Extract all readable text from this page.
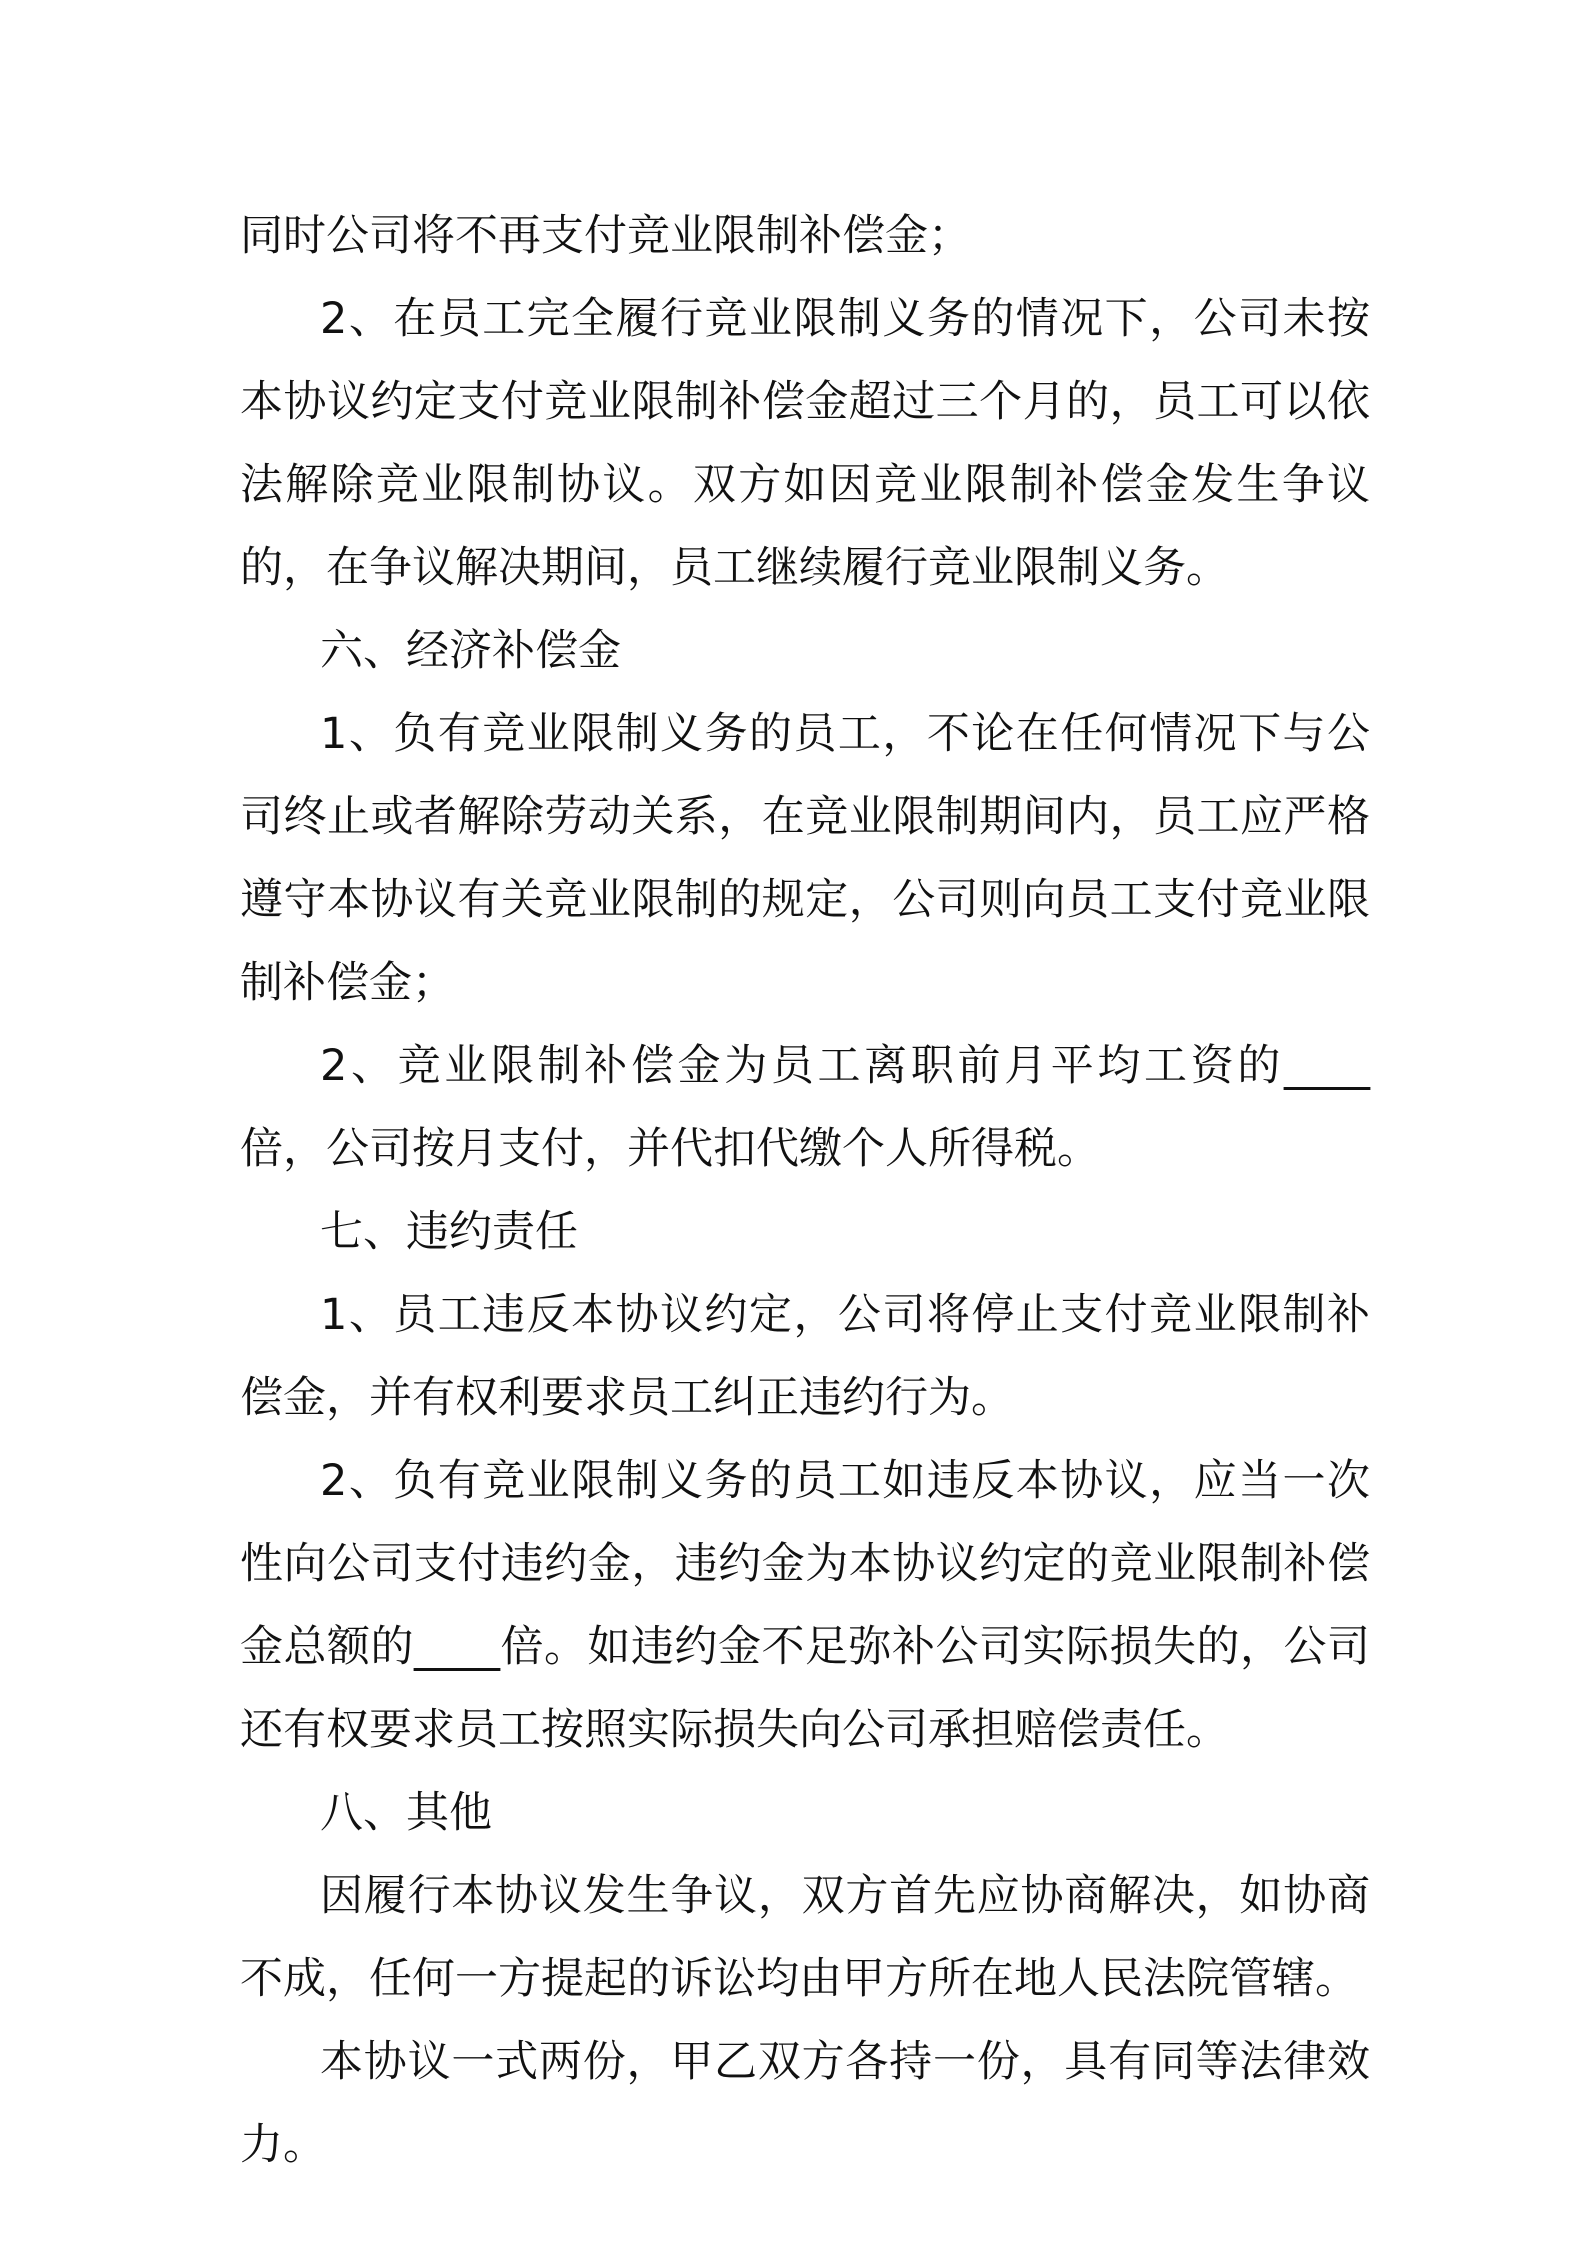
同时公司将不再支付竞业限制补偿金；

2、在员工完全履行竞业限制义务的情况下，公司未按本协议约定支付竞业限制补偿金超过三个月的，员工可以依法解除竞业限制协议。双方如因竞业限制补偿金发生争议的，在争议解决期间，员工继续履行竞业限制义务。

六、经济补偿金

1、负有竞业限制义务的员工，不论在任何情况下与公司终止或者解除劳动关系，在竞业限制期间内，员工应严格遵守本协议有关竞业限制的规定，公司则向员工支付竞业限制补偿金；

2、竞业限制补偿金为员工离职前月平均工资的____倍，公司按月支付，并代扣代缴个人所得税。

七、违约责任

1、员工违反本协议约定，公司将停止支付竞业限制补偿金，并有权利要求员工纠正违约行为。

2、负有竞业限制义务的员工如违反本协议，应当一次性向公司支付违约金，违约金为本协议约定的竞业限制补偿金总额的____倍。如违约金不足弥补公司实际损失的，公司还有权要求员工按照实际损失向公司承担赔偿责任。

八、其他

因履行本协议发生争议，双方首先应协商解决，如协商不成，任何一方提起的诉讼均由甲方所在地人民法院管辖。

本协议一式两份，甲乙双方各持一份，具有同等法律效力。
